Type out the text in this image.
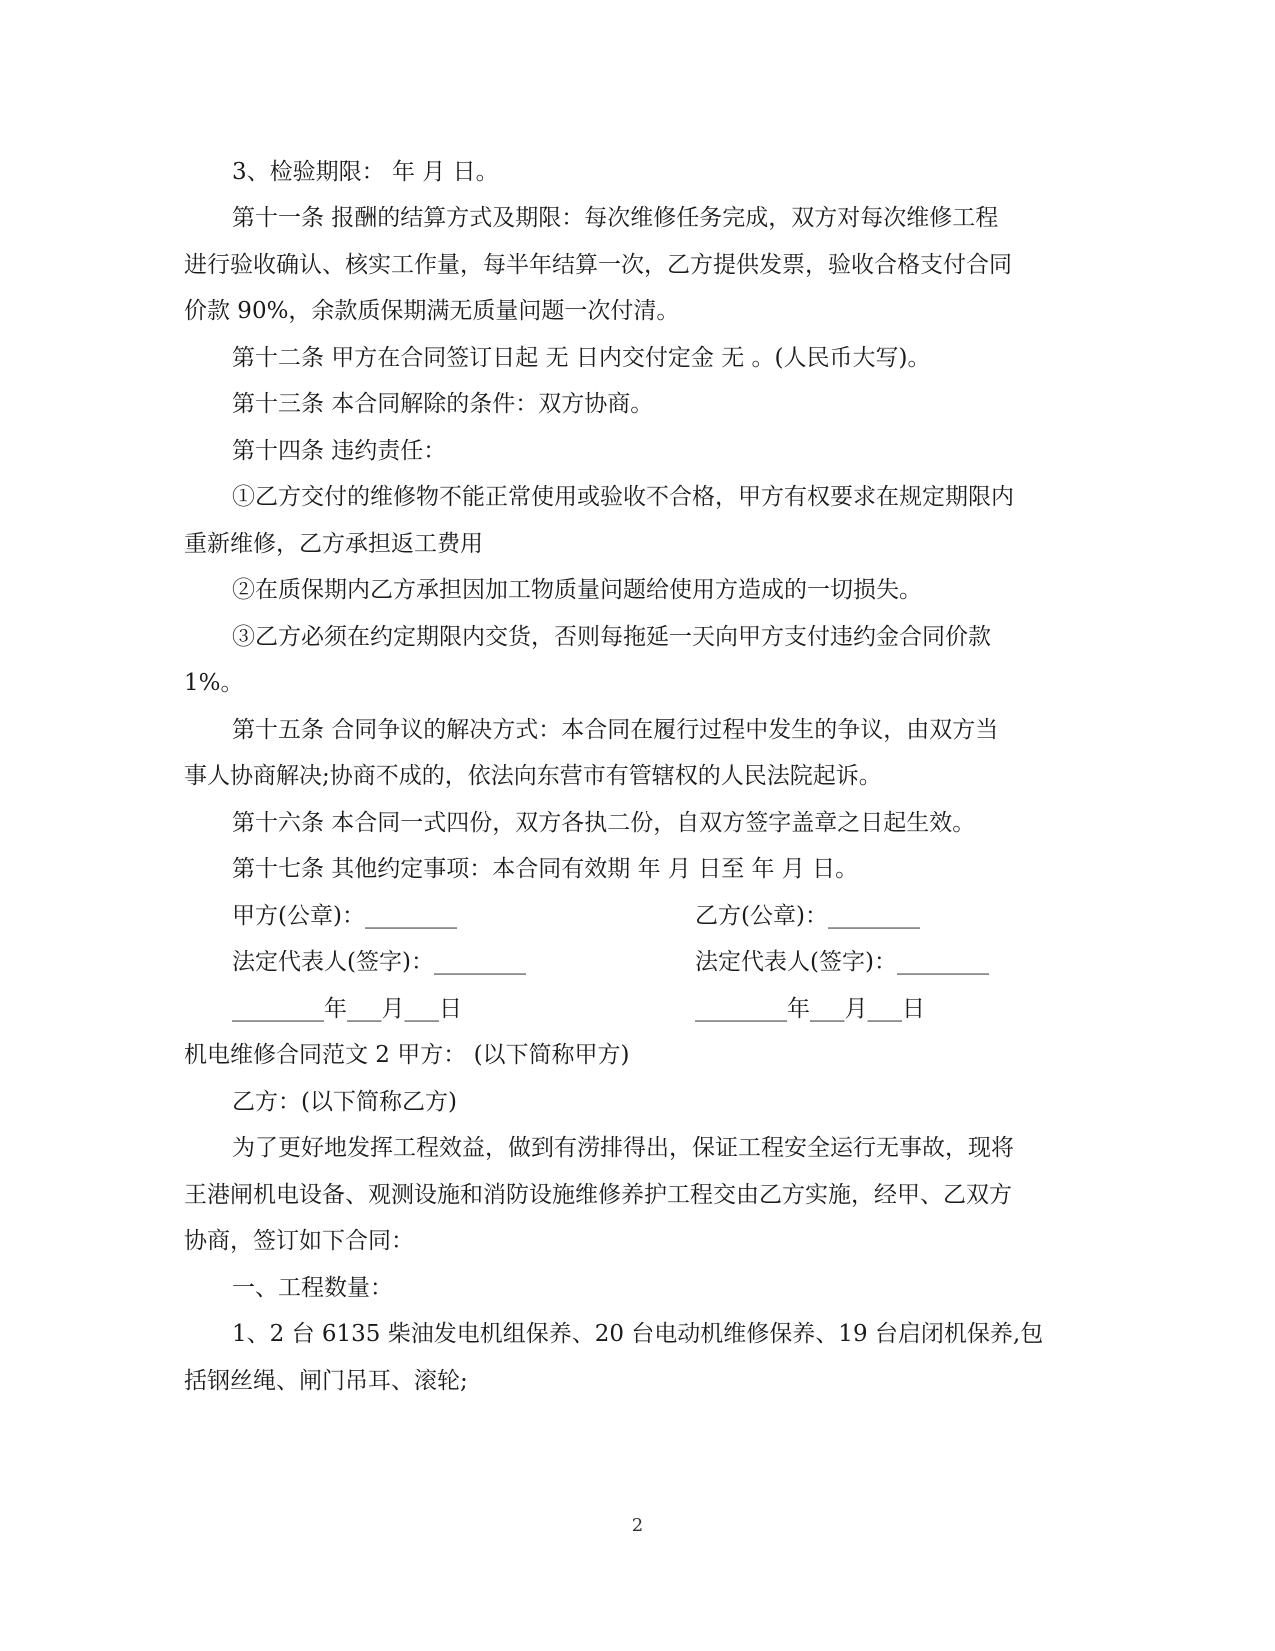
3、检验期限： 年 月 日。
第十一条 报酬的结算方式及期限：每次维修任务完成，双方对每次维修工程
进行验收确认、核实工作量，每半年结算一次，乙方提供发票，验收合格支付合同
价款 90%，余款质保期满无质量问题一次付清。
第十二条 甲方在合同签订日起 无 日内交付定金 无 。(人民币大写)。
第十三条 本合同解除的条件：双方协商。
第十四条 违约责任：
①乙方交付的维修物不能正常使用或验收不合格，甲方有权要求在规定期限内
重新维修，乙方承担返工费用
②在质保期内乙方承担因加工物质量问题给使用方造成的一切损失。
③乙方必须在约定期限内交货，否则每拖延一天向甲方支付违约金合同价款
1%。
第十五条 合同争议的解决方式：本合同在履行过程中发生的争议，由双方当
事人协商解决;协商不成的，依法向东营市有管辖权的人民法院起诉。
第十六条 本合同一式四份，双方各执二份，自双方签字盖章之日起生效。
第十七条 其他约定事项：本合同有效期 年 月 日至 年 月 日。
甲方(公章)：________	乙方(公章)：________
法定代表人(签字)：________	法定代表人(签字)：________
________年___月___日	________年___月___日
机电维修合同范文 2 甲方： (以下简称甲方)
乙方：(以下简称乙方)
为了更好地发挥工程效益，做到有涝排得出，保证工程安全运行无事故，现将
王港闸机电设备、观测设施和消防设施维修养护工程交由乙方实施，经甲、乙双方
协商，签订如下合同：
一、工程数量：
1、2 台 6135 柴油发电机组保养、20 台电动机维修保养、19 台启闭机保养,包
括钢丝绳、闸门吊耳、滚轮;
2
